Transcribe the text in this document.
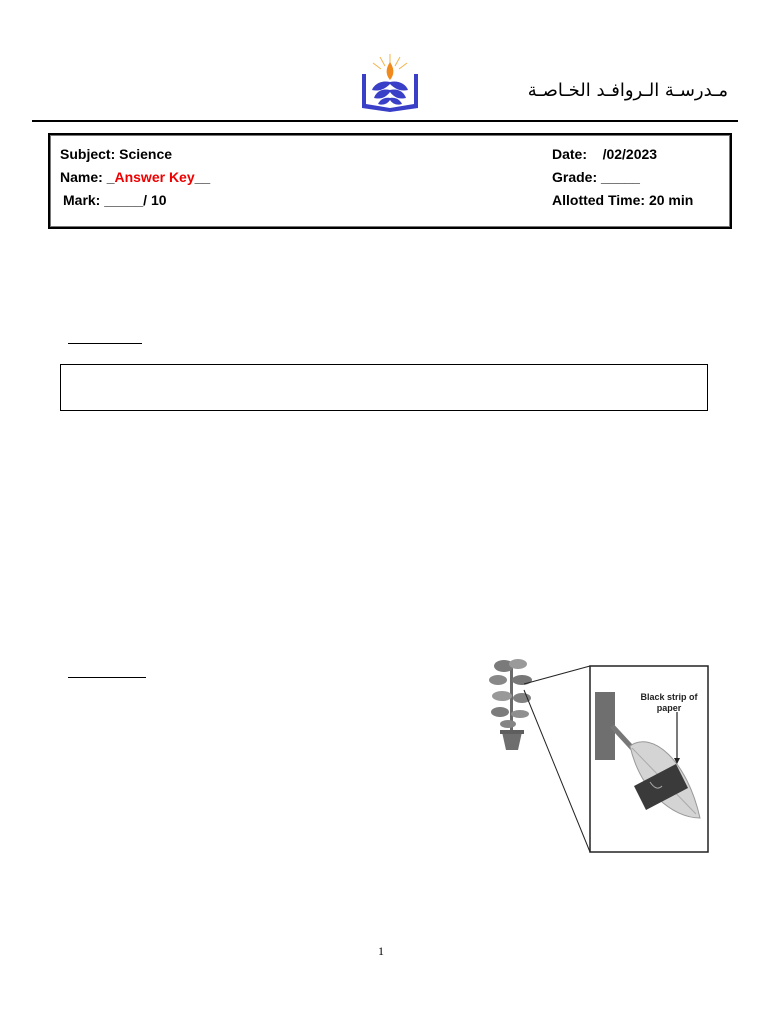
مـدرسـة الـروافـد الخـاصـة
Subject: Science
Name: _Answer Key__
Mark: _____/ 10
Date:    /02/2023
Grade: _____
Allotted Time: 20 min
Black strip of
paper
1
